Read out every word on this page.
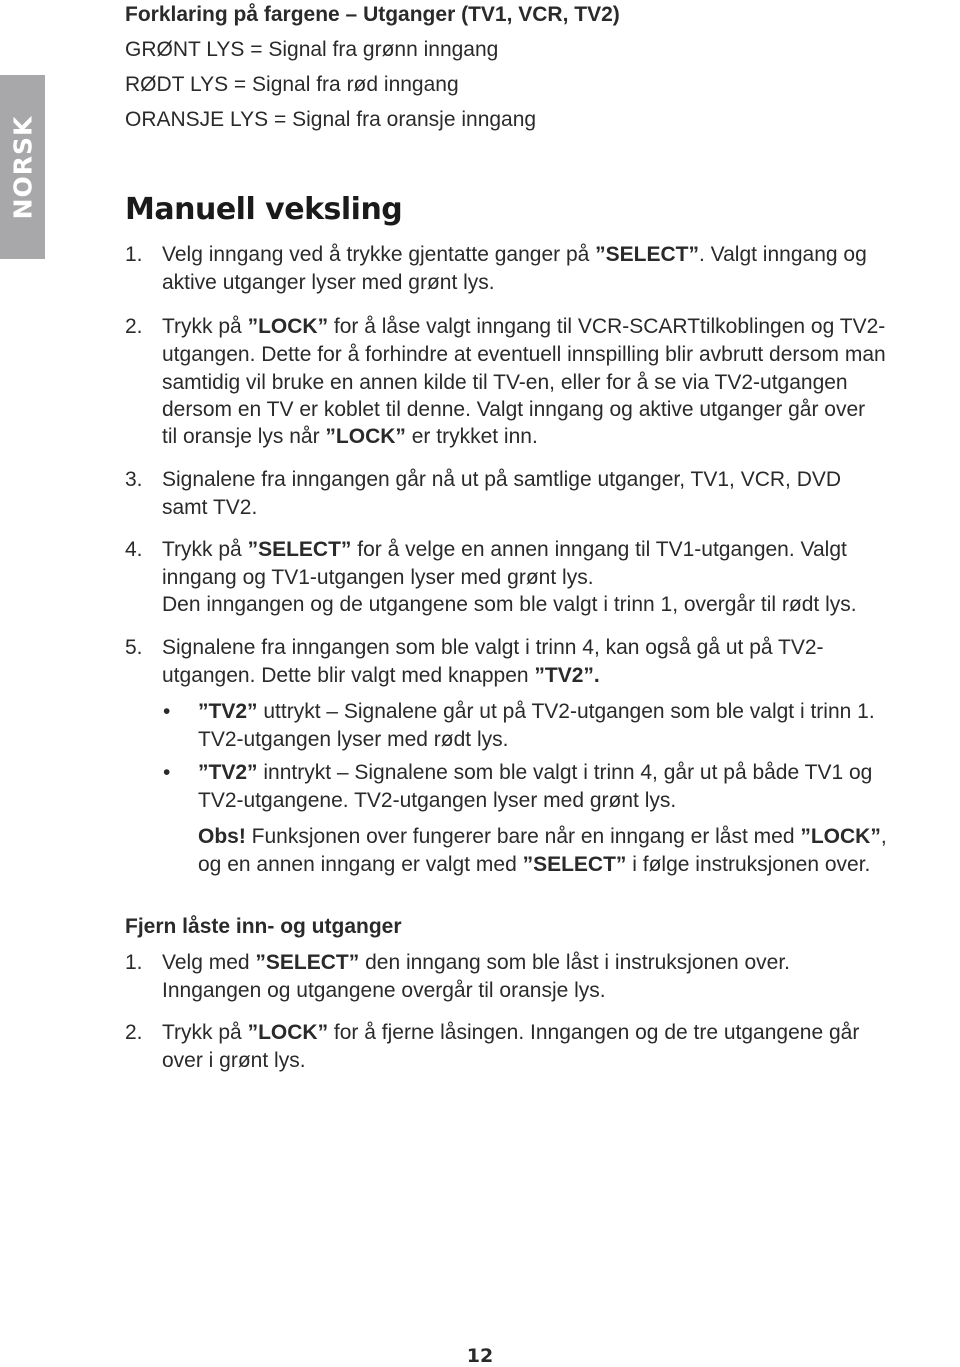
NORSK
Forklaring på fargene – Utganger (TV1, VCR, TV2)
GRØNT LYS = Signal fra grønn inngang
RØDT LYS = Signal fra rød inngang
ORANSJE LYS = Signal fra oransje inngang
Manuell veksling
1. Velg inngang ved å trykke gjentatte ganger på ”SELECT”. Valgt inngang og
aktive utganger lyser med grønt lys.
2. Trykk på ”LOCK” for å låse valgt inngang til VCR-SCARTtilkoblingen og TV2-
utgangen. Dette for å forhindre at eventuell innspilling blir avbrutt dersom man
samtidig vil bruke en annen kilde til TV-en, eller for å se via TV2-utgangen
dersom en TV er koblet til denne. Valgt inngang og aktive utganger går over
til oransje lys når ”LOCK” er trykket inn.
3. Signalene fra inngangen går nå ut på samtlige utganger, TV1, VCR, DVD
samt TV2.
4. Trykk på ”SELECT” for å velge en annen inngang til TV1-utgangen. Valgt
inngang og TV1-utgangen lyser med grønt lys.
Den inngangen og de utgangene som ble valgt i trinn 1, overgår til rødt lys.
5. Signalene fra inngangen som ble valgt i trinn 4, kan også gå ut på TV2-
utgangen. Dette blir valgt med knappen ”TV2”.
• ”TV2” uttrykt – Signalene går ut på TV2-utgangen som ble valgt i trinn 1.
TV2-utgangen lyser med rødt lys.
• ”TV2” inntrykt – Signalene som ble valgt i trinn 4, går ut på både TV1 og
TV2-utgangene. TV2-utgangen lyser med grønt lys.
Obs! Funksjonen over fungerer bare når en inngang er låst med ”LOCK”,
og en annen inngang er valgt med ”SELECT” i følge instruksjonen over.
Fjern låste inn- og utganger
1. Velg med ”SELECT” den inngang som ble låst i instruksjonen over.
Inngangen og utgangene overgår til oransje lys.
2. Trykk på ”LOCK” for å fjerne låsingen. Inngangen og de tre utgangene går
over i grønt lys.
12
